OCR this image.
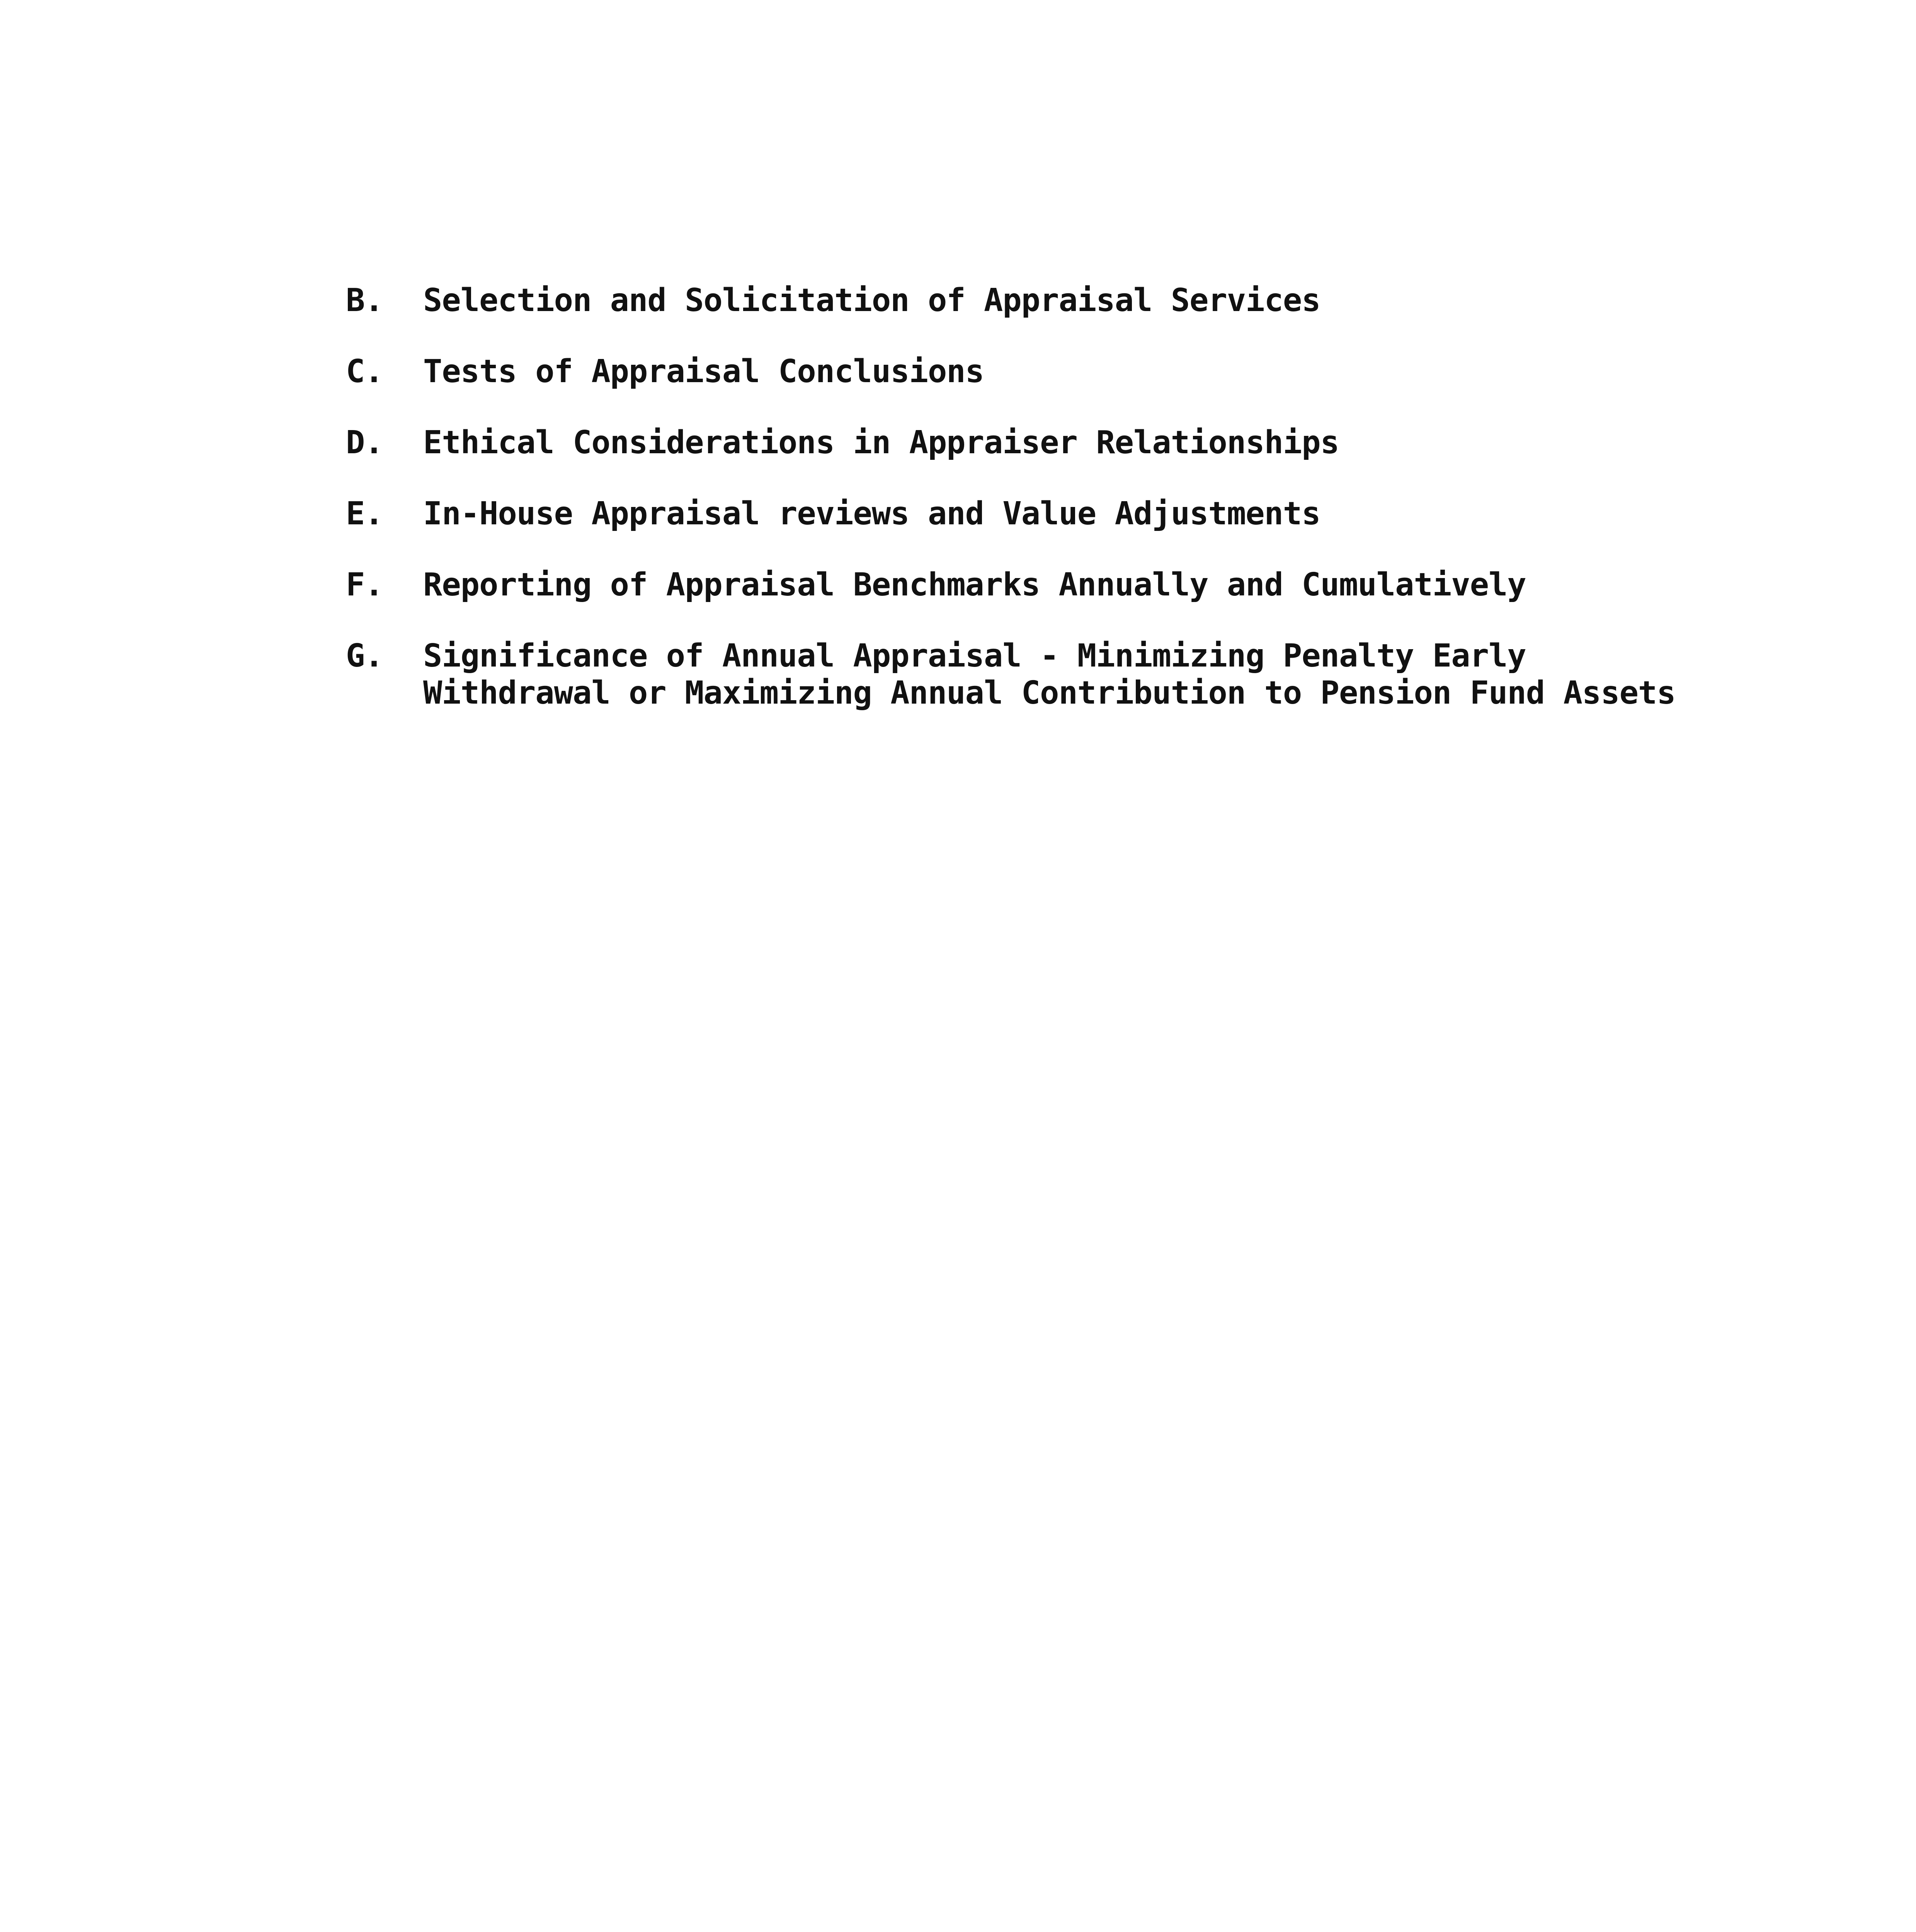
B.	Selection and Solicitation of Appraisal Services
C.	Tests of Appraisal Conclusions
D.	Ethical Considerations in Appraiser Relationships
E.	In-House Appraisal reviews and Value Adjustments
F.	Reporting of Appraisal Benchmarks Annually and Cumulatively
G.	Significance of Annual Appraisal - Minimizing Penalty Early
Withdrawal or Maximizing Annual Contribution to Pension Fund Assets
